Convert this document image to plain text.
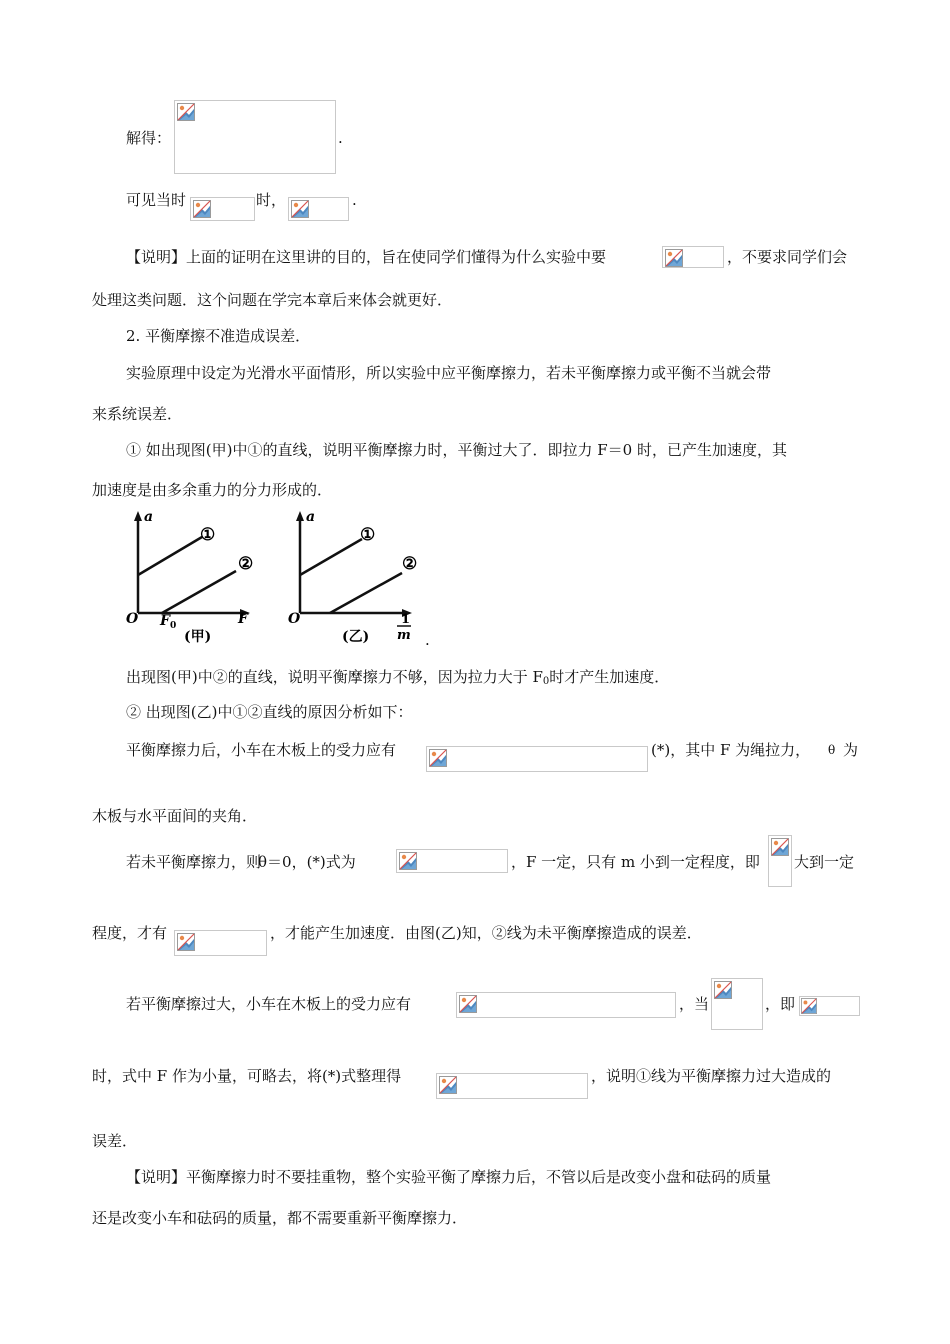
解得：	.
可见当时	时，	.
【说明】上面的证明在这里讲的目的，旨在使同学们懂得为什么实验中要	，不要求同学们会
处理这类问题．这个问题在学完本章后来体会就更好．
2. 平衡摩擦不准造成误差．
实验原理中设定为光滑水平面情形，所以实验中应平衡摩擦力，若未平衡摩擦力或平衡不当就会带
来系统误差．
① 如出现图(甲)中①的直线，说明平衡摩擦力时，平衡过大了．即拉力 F＝0 时，已产生加速度，其
加速度是由多余重力的分力形成的．
a
O	F
$F_0$
(甲)
①
②
a
O	1
m
(乙)
①
②
.
出现图(甲)中②的直线，说明平衡摩擦力不够，因为拉力大于 $F_0$时才产生加速度．
② 出现图(乙)中①②直线的原因分析如下：
平衡摩擦力后，小车在木板上的受力应有	(*)，其中 F 为绳拉力， θ 为
木板与水平面间的夹角．
若未平衡摩擦力，则
θ＝0，(*)式为	，F 一定，只有 m 小到一定程度，即 大到一定
程度，才有	，才能产生加速度．由图(乙)知，②线为未平衡摩擦造成的误差．
若平衡摩擦过大，小车在木板上的受力应有	，当	，即
时，式中 F 作为小量，可略去，将(*)式整理得	，说明①线为平衡摩擦力过大造成的
误差．
【说明】平衡摩擦力时不要挂重物，整个实验平衡了摩擦力后，不管以后是改变小盘和砝码的质量
还是改变小车和砝码的质量，都不需要重新平衡摩擦力．
